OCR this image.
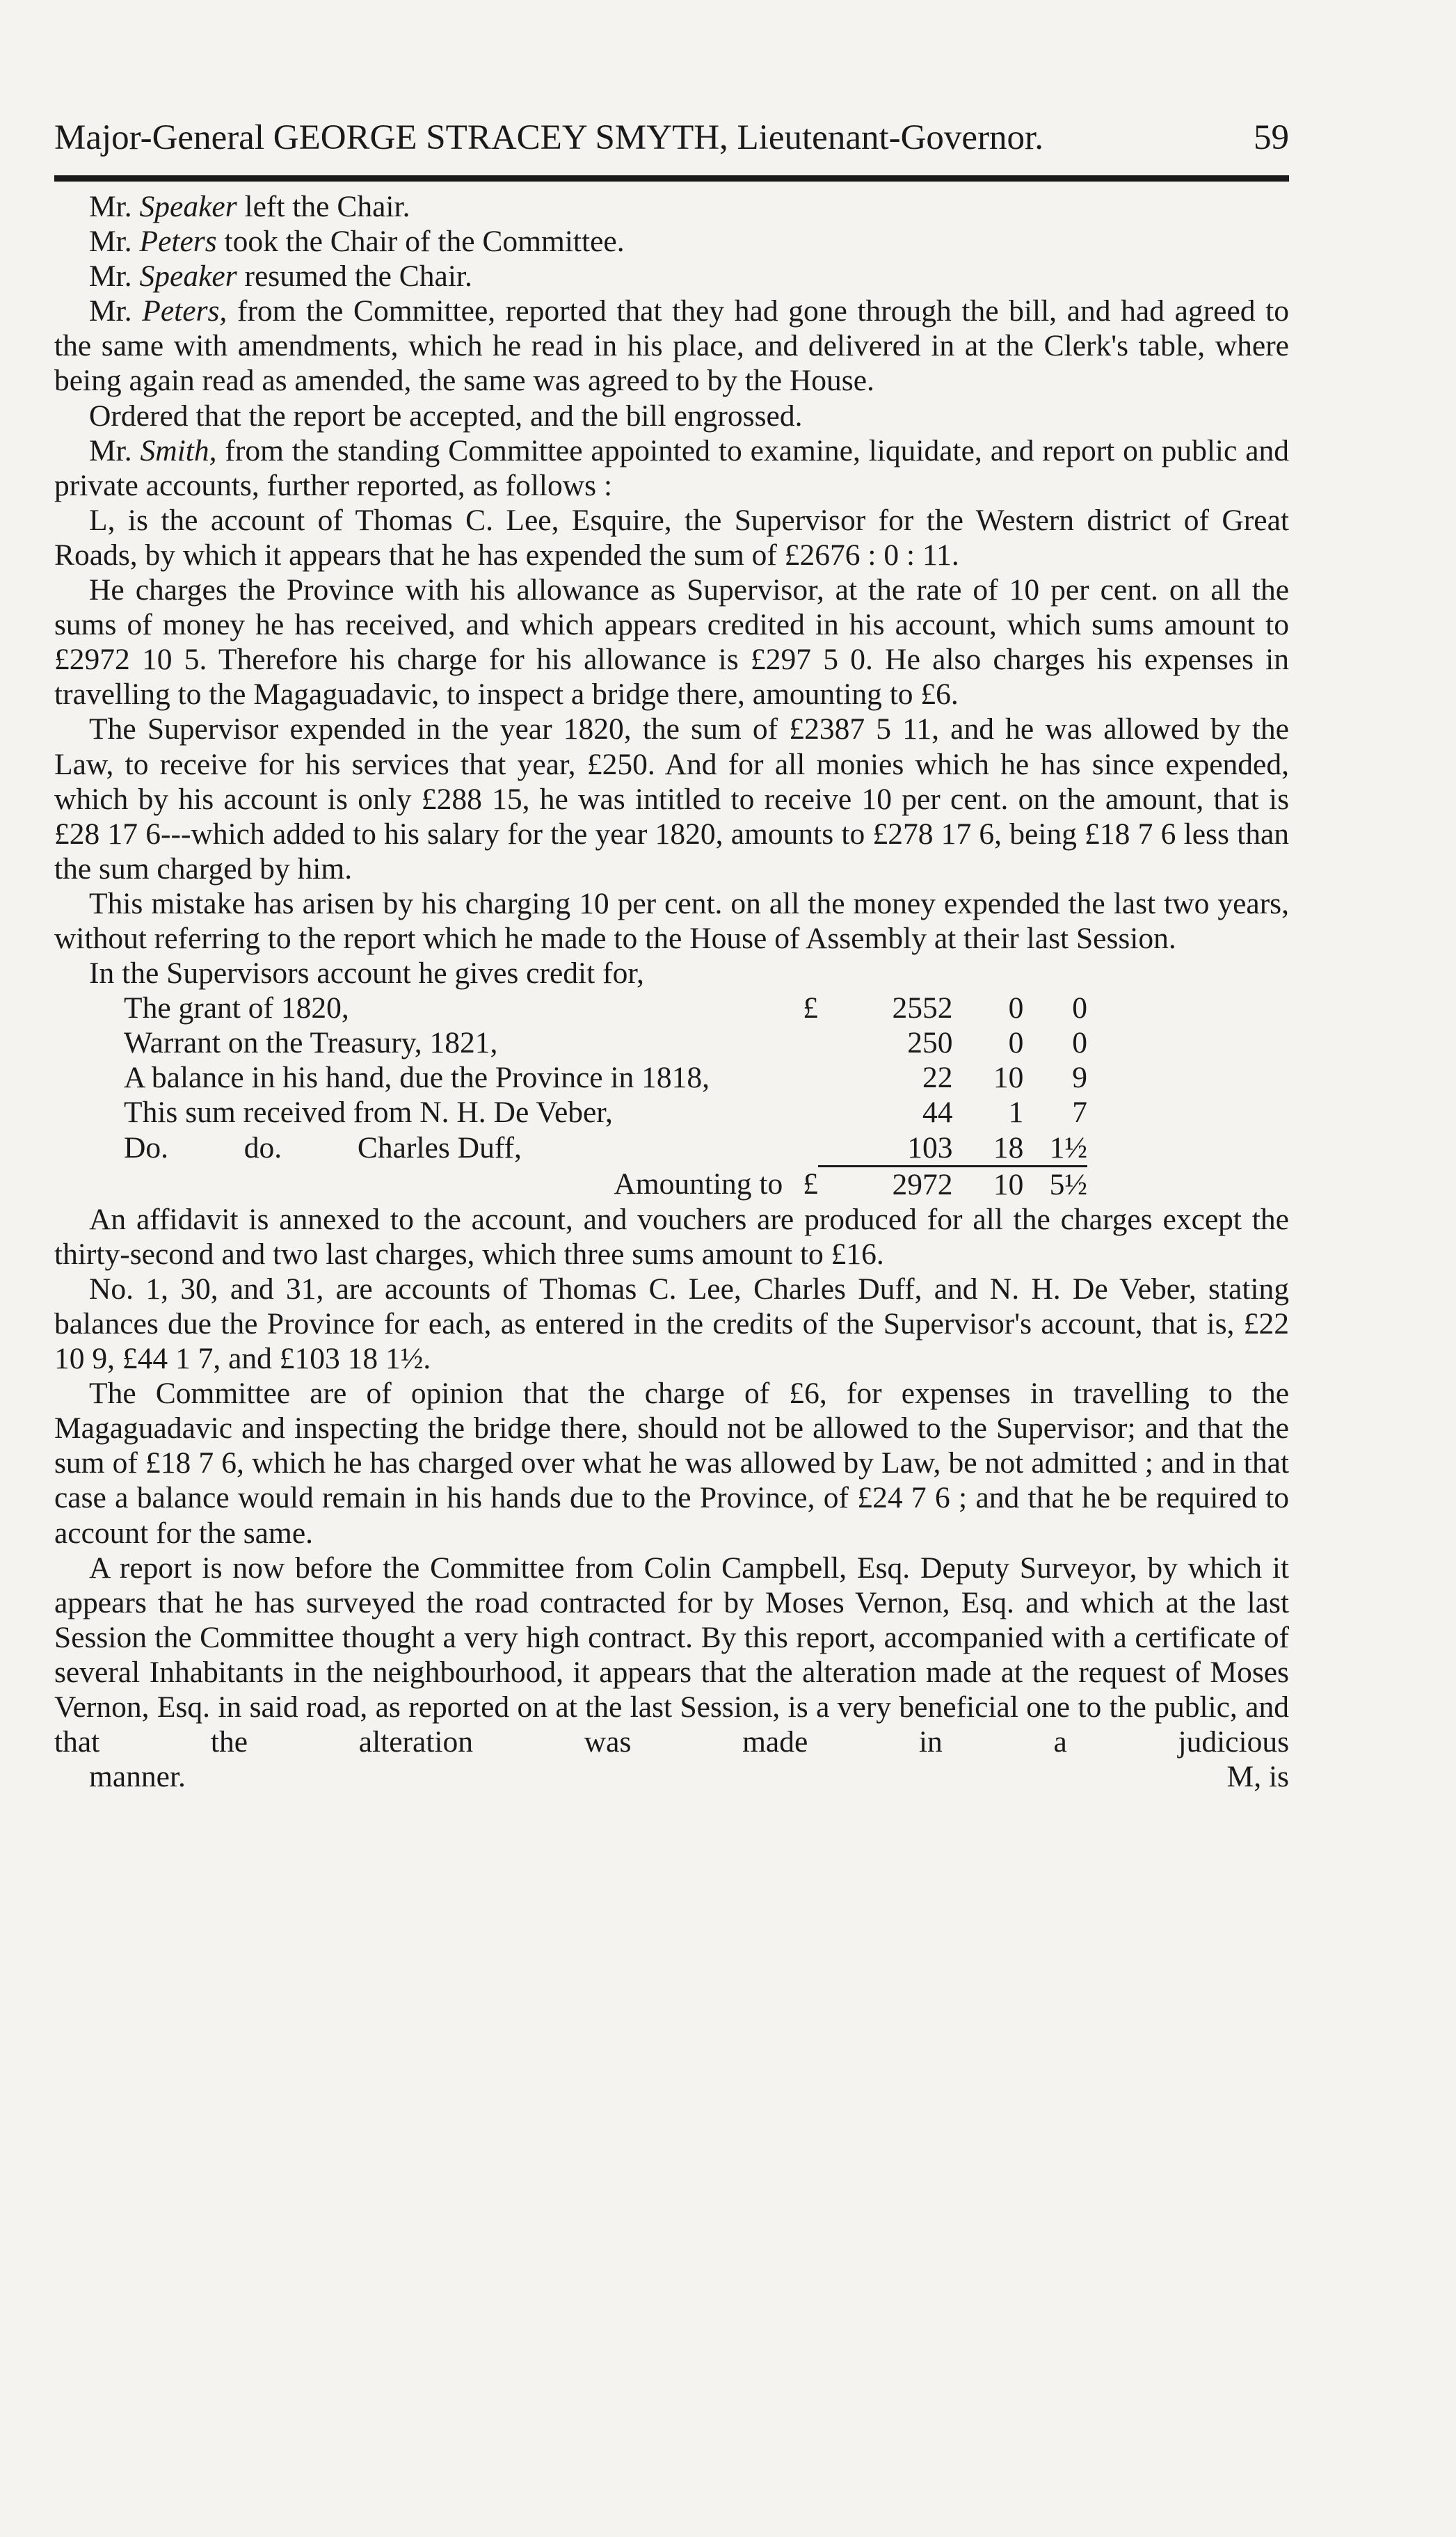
Major-General GEORGE STRACEY SMYTH, Lieutenant-Governor.	59
Mr. Speaker left the Chair.
Mr. Peters took the Chair of the Committee.
Mr. Speaker resumed the Chair.
Mr. Peters, from the Committee, reported that they had gone through the bill, and had agreed to the same with amendments, which he read in his place, and delivered in at the Clerk's table, where being again read as amended, the same was agreed to by the House.
Ordered that the report be accepted, and the bill engrossed.
Mr. Smith, from the standing Committee appointed to examine, liquidate, and report on public and private accounts, further reported, as follows :
L, is the account of Thomas C. Lee, Esquire, the Supervisor for the Western district of Great Roads, by which it appears that he has expended the sum of £2676 : 0 : 11.
He charges the Province with his allowance as Supervisor, at the rate of 10 per cent. on all the sums of money he has received, and which appears credited in his account, which sums amount to £2972 10 5. Therefore his charge for his allowance is £297 5 0. He also charges his expenses in travelling to the Magaguadavic, to inspect a bridge there, amounting to £6.
The Supervisor expended in the year 1820, the sum of £2387 5 11, and he was allowed by the Law, to receive for his services that year, £250. And for all monies which he has since expended, which by his account is only £288 15, he was intitled to receive 10 per cent. on the amount, that is £28 17 6---which added to his salary for the year 1820, amounts to £278 17 6, being £18 7 6 less than the sum charged by him.
This mistake has arisen by his charging 10 per cent. on all the money expended the last two years, without referring to the report which he made to the House of Assembly at their last Session.
In the Supervisors account he gives credit for,
The grant of 1820,	£	2552	0	0
Warrant on the Treasury, 1821,		250	0	0
A balance in his hand, due the Province in 1818,		22	10	9
This sum received from N. H. De Veber,		44	1	7
Do.          do.          Charles Duff,		103	18	1½
Amounting to	£	2972	10	5½
An affidavit is annexed to the account, and vouchers are produced for all the charges except the thirty-second and two last charges, which three sums amount to £16.
No. 1, 30, and 31, are accounts of Thomas C. Lee, Charles Duff, and N. H. De Veber, stating balances due the Province for each, as entered in the credits of the Supervisor's account, that is, £22 10 9, £44 1 7, and £103 18 1½.
The Committee are of opinion that the charge of £6, for expenses in travelling to the Magaguadavic and inspecting the bridge there, should not be allowed to the Supervisor; and that the sum of £18 7 6, which he has charged over what he was allowed by Law, be not admitted ; and in that case a balance would remain in his hands due to the Province, of £24 7 6 ; and that he be required to account for the same.
A report is now before the Committee from Colin Campbell, Esq. Deputy Surveyor, by which it appears that he has surveyed the road contracted for by Moses Vernon, Esq. and which at the last Session the Committee thought a very high contract. By this report, accompanied with a certificate of several Inhabitants in the neighbourhood, it appears that the alteration made at the request of Moses Vernon, Esq. in said road, as reported on at the last Session, is a very beneficial one to the public, and that the alteration was made in a judicious
manner.	M, is
